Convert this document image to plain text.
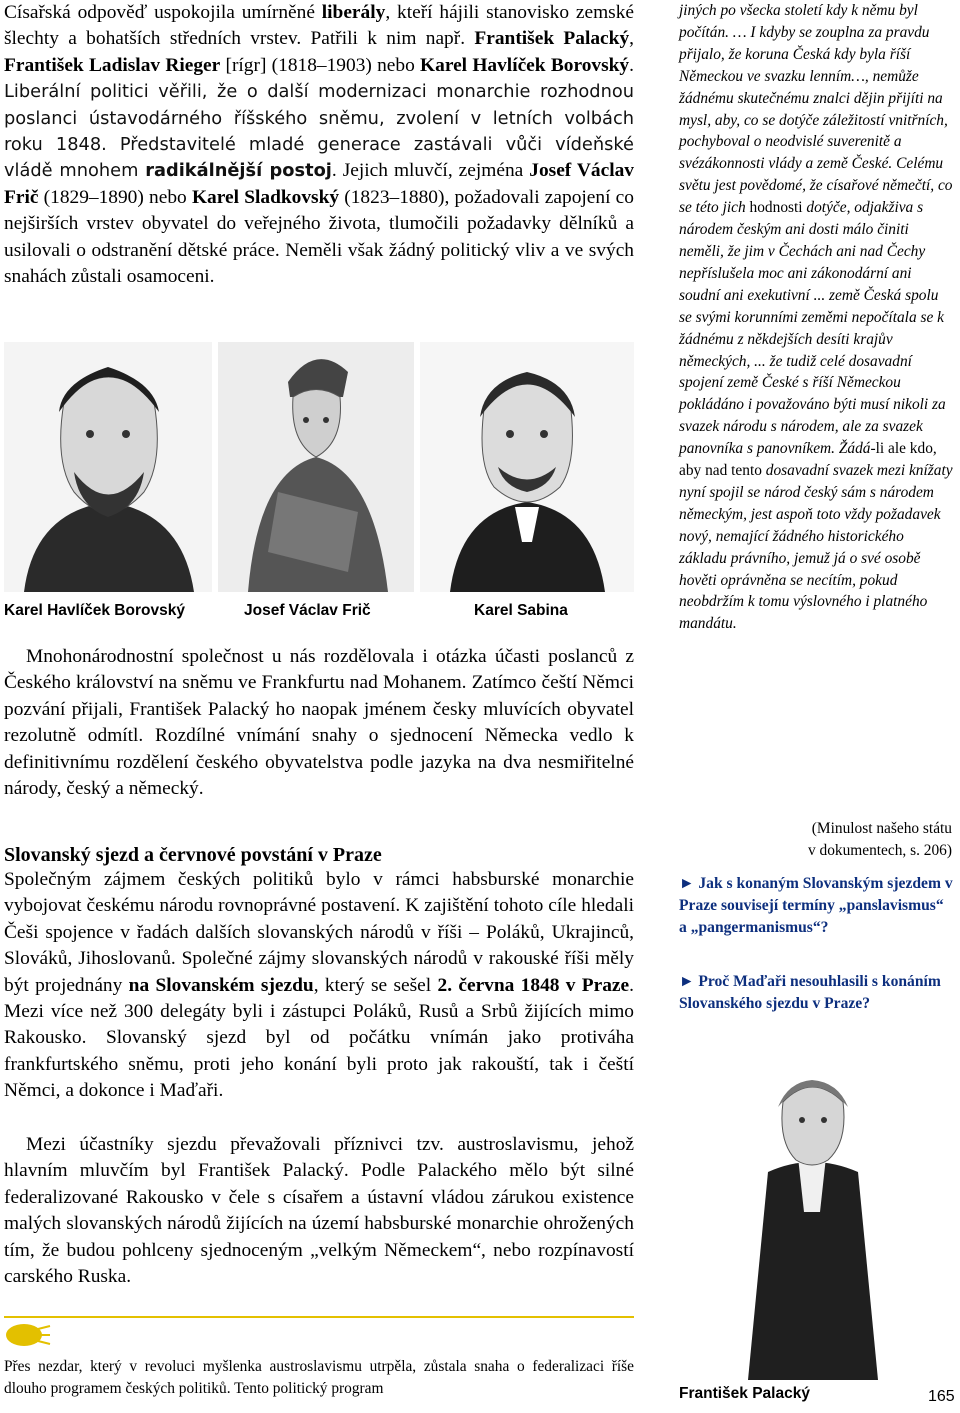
Císařská odpověď uspokojila umírněné liberály, kteří hájili stanovisko zemské šlechty a bohatších středních vrstev. Patřili k nim např. František Palacký, František Ladislav Rieger [rígr] (1818–1903) nebo Karel Havlíček Borovský. Liberální politici věřili, že o další modernizaci monarchie rozhodnou poslanci ústavodárného říšského sněmu, zvolení v letních volbách roku 1848. Představitelé mladé generace zastávali vůči vídeňské vládě mnohem radikálnější postoj. Jejich mluvčí, zejména Josef Václav Frič (1829–1890) nebo Karel Sladkovský (1823–1880), požadovali zapojení co nejširších vrstev obyvatel do veřejného života, tlumočili požadavky dělníků a usilovali o odstranění dětské práce. Neměli však žádný politický vliv a ve svých snahách zůstali osamoceni.
Karel Havlíček Borovský	Josef Václav Frič	Karel Sabina
Mnohonárodnostní společnost u nás rozdělovala i otázka účasti poslanců z Českého království na sněmu ve Frankfurtu nad Mohanem. Zatímco čeští Němci pozvání přijali, František Palacký ho naopak jménem česky mluvících obyvatel rezolutně odmítl. Rozdílné vnímání snahy o sjednocení Německa vedlo k definitivnímu rozdělení českého obyvatelstva podle jazyka na dva nesmiřitelné národy, český a německý.
Slovanský sjezd a červnové povstání v Praze
Společným zájmem českých politiků bylo v rámci habsburské monarchie vybojovat českému národu rovnoprávné postavení. K zajištění tohoto cíle hledali Češi spojence v řadách dalších slovanských národů v říši – Poláků, Ukrajinců, Slováků, Jihoslovanů. Společné zájmy slovanských národů v rakouské říši měly být projednány na Slovanském sjezdu, který se sešel 2. června 1848 v Praze. Mezi více než 300 delegáty byli i zástupci Poláků, Rusů a Srbů žijících mimo Rakousko. Slovanský sjezd byl od počátku vnímán jako protiváha frankfurtského sněmu, proti jeho konání byli proto jak rakouští, tak i čeští Němci, a dokonce i Maďaři.
Mezi účastníky sjezdu převažovali příznivci tzv. austroslavismu, jehož hlavním mluvčím byl František Palacký. Podle Palackého mělo být silné federalizované Rakousko v čele s císařem a ústavní vládou zárukou existence malých slovanských národů žijících na území habsburské monarchie ohrožených tím, že budou pohlceny sjednoceným „velkým Německem“, nebo rozpínavostí carského Ruska.
Přes nezdar, který v revoluci myšlenka austroslavismu utrpěla, zůstala snaha o federalizaci říše dlouho programem českých politiků. Tento politický program
jiných po všecka století kdy k němu byl počítán. … I kdyby se zouplna za pravdu přijalo, že koruna Česká kdy byla říší Německou ve svazku lenním…, nemůže žádnému skutečnému znalci dějin přijíti na mysl, aby, co se dotýče záležitostí vnitřních, pochyboval o neodvislé suverenitě a svézákonnosti vlády a země České. Celému světu jest povědomé, že císařové němečtí, co se této jich hodnosti dotýče, odjakživa s národem českým ani dosti málo činiti neměli, že jim v Čechách ani nad Čechy nepříslušela moc ani zákonodární ani soudní ani exekutivní ... země Česká spolu se svými korunními zeměmi nepočítala se k žádnému z někdejších desíti krajův německých, ... že tudiž celé dosavadní spojení země České s říší Německou pokládáno i považováno býti musí nikoli za svazek národu s národem, ale za svazek panovníka s panovníkem. Žádá-li ale kdo, aby nad tento dosavadní svazek mezi knížaty nyní spojil se národ český sám s národem německým, jest aspoň toto vždy požadavek nový, nemající žádného historického základu právního, jemuž já o své osobě hověti oprávněna se necítím, pokud neobdržím k tomu výslovného i platného mandátu.
(Minulost našeho státu
v dokumentech, s. 206)
► Jak s konaným Slovanským sjezdem v Praze souvisejí termíny „panslavismus“ a „pangermanismus“?
► Proč Maďaři nesouhlasili s konáním Slovanského sjezdu v Praze?
František Palacký	165
